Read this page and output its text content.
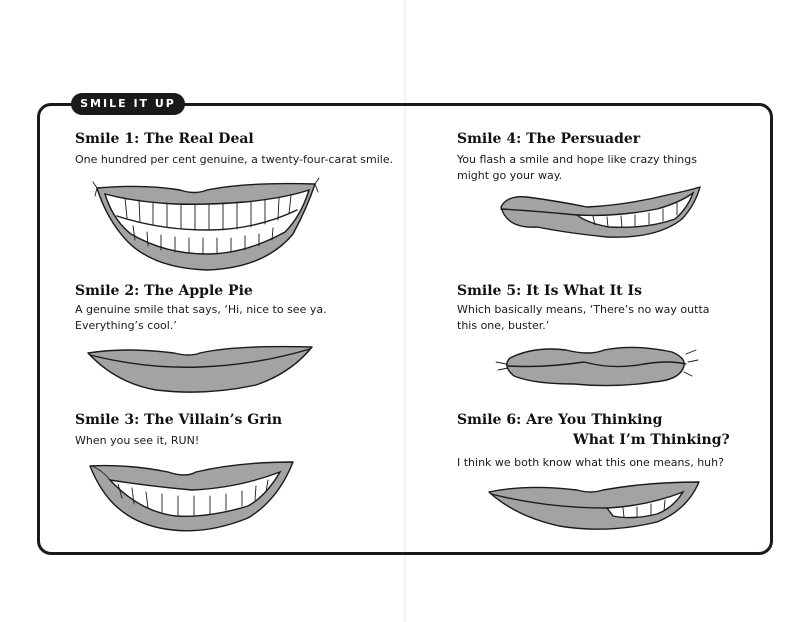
SMILE IT UP
Smile 1: The Real Deal
One hundred per cent genuine, a twenty-four-carat smile.
Smile 2: The Apple Pie
A genuine smile that says, ‘Hi, nice to see ya.
Everything’s cool.’
Smile 3: The Villain’s Grin
When you see it, RUN!
Smile 4: The Persuader
You flash a smile and hope like crazy things
might go your way.
Smile 5: It Is What It Is
Which basically means, ‘There’s no way outta
this one, buster.’
Smile 6: Are You Thinking
What I’m Thinking?
I think we both know what this one means, huh?
